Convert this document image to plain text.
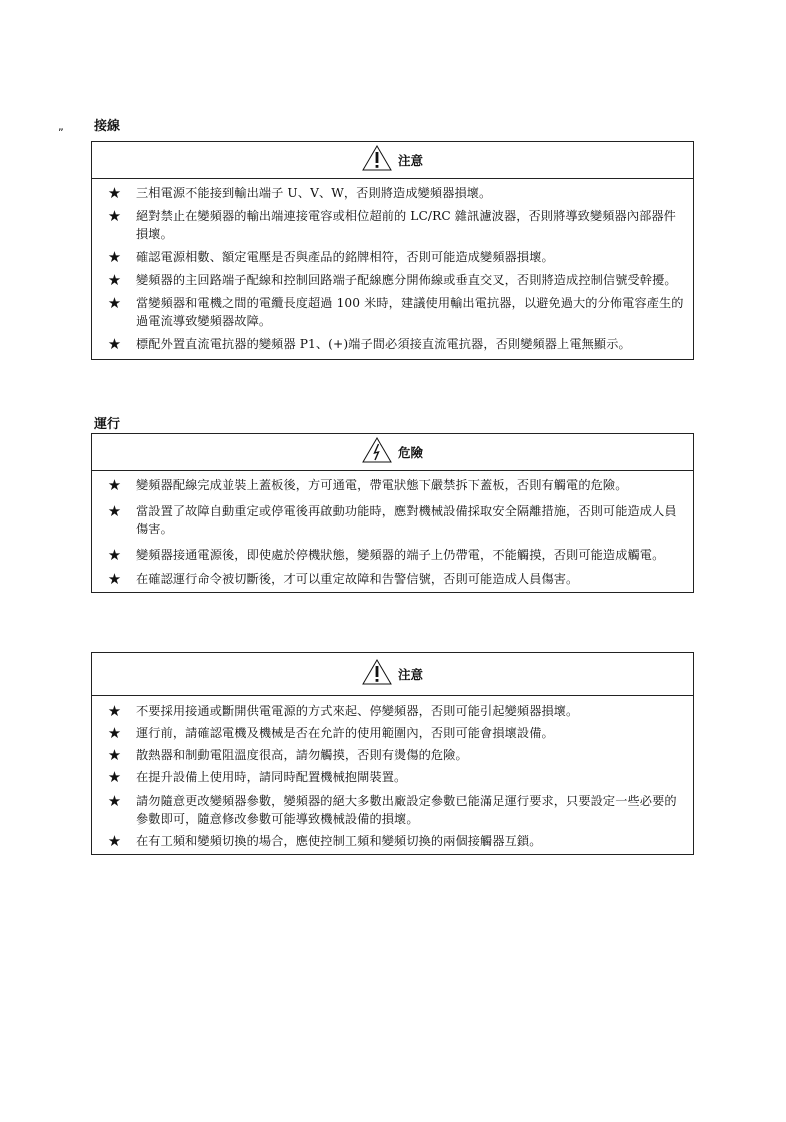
„ 接線
注意
★	三相電源不能接到輸出端子 U、V、W，否則將造成變頻器損壞。
★	絕對禁止在變頻器的輸出端連接電容或相位超前的 LC/RC 雜訊濾波器，否則將導致變頻器內部器件損壞。
★	確認電源相數、額定電壓是否與產品的銘牌相符，否則可能造成變頻器損壞。
★	變頻器的主回路端子配線和控制回路端子配線應分開佈線或垂直交叉，否則將造成控制信號受幹擾。
★	當變頻器和電機之間的電纜長度超過 100 米時，建議使用輸出電抗器，以避免過大的分佈電容產生的過電流導致變頻器故障。
★	標配外置直流電抗器的變頻器 P1、(+)端子間必須接直流電抗器，否則變頻器上電無顯示。
運行
危險
★	變頻器配線完成並裝上蓋板後，方可通電，帶電狀態下嚴禁拆下蓋板，否則有觸電的危險。
★	當設置了故障自動重定或停電後再啟動功能時，應對機械設備採取安全隔離措施，否則可能造成人員傷害。
★	變頻器接通電源後，即使處於停機狀態，變頻器的端子上仍帶電，不能觸摸，否則可能造成觸電。
★	在確認運行命令被切斷後，才可以重定故障和告警信號，否則可能造成人員傷害。
注意
★	不要採用接通或斷開供電電源的方式來起、停變頻器，否則可能引起變頻器損壞。
★	運行前，請確認電機及機械是否在允許的使用範圍內，否則可能會損壞設備。
★	散熱器和制動電阻溫度很高，請勿觸摸，否則有燙傷的危險。
★	在提升設備上使用時，請同時配置機械抱閘裝置。
★	請勿隨意更改變頻器參數，變頻器的絕大多數出廠設定參數已能滿足運行要求，只要設定一些必要的參數即可，隨意修改參數可能導致機械設備的損壞。
★	在有工頻和變頻切換的場合，應使控制工頻和變頻切換的兩個接觸器互鎖。
